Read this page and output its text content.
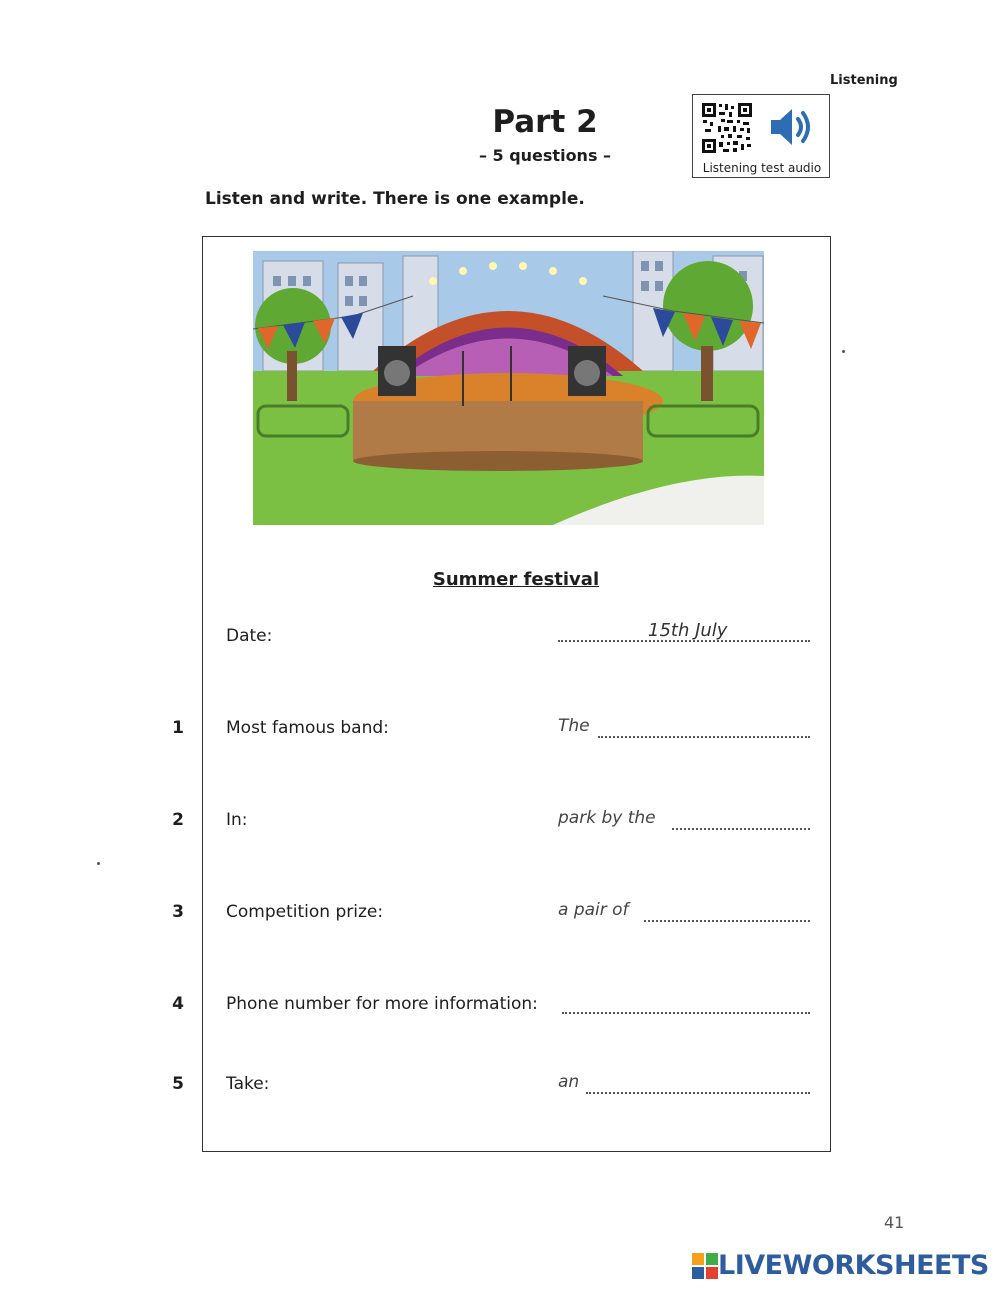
Listening
Part 2
– 5 questions –
Listening test audio
Listen and write. There is one example.
Summer festival
Date:	15th July
1	Most famous band:	The
2	In:	park by the
3	Competition prize:	a pair of
4	Phone number for more information:
5	Take:	an
41
LIVEWORKSHEETS
